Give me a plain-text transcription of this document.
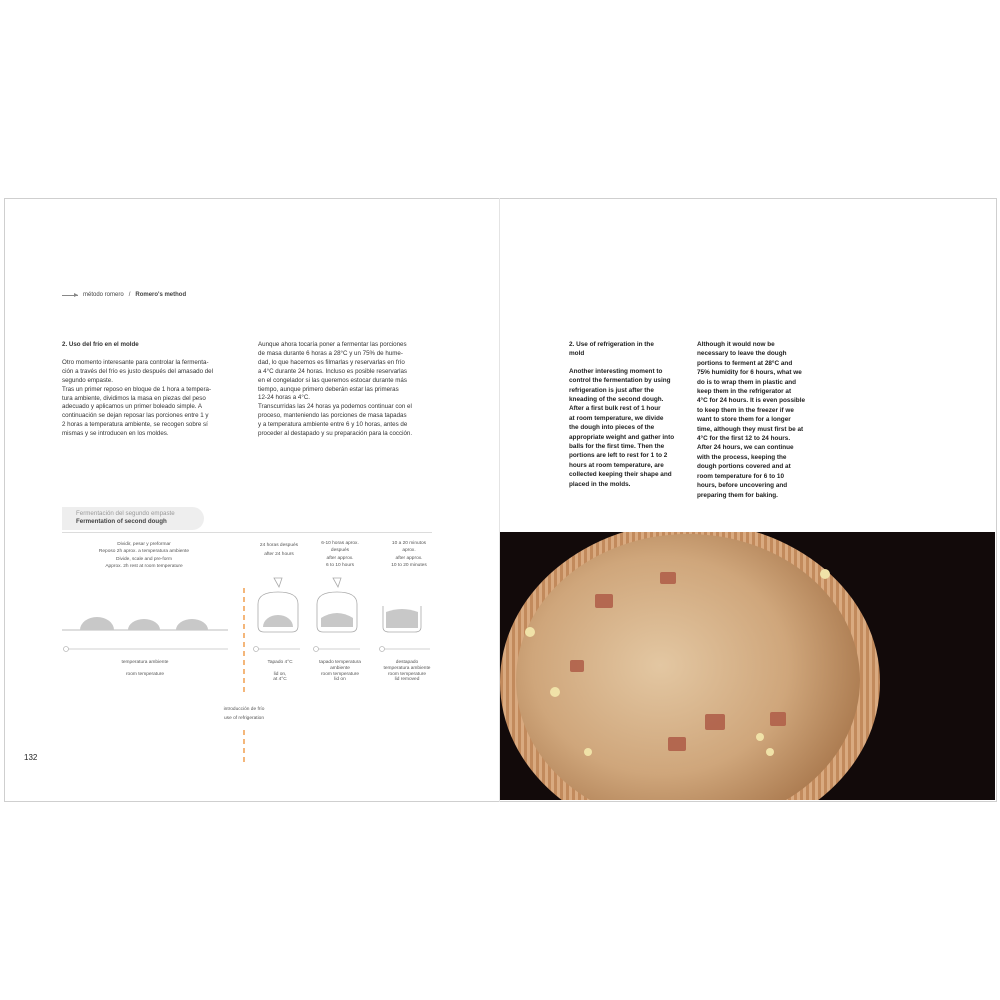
método romero / Romero's method
2. Uso del frío en el molde

Otro momento interesante para controlar la fermenta-
ción a través del frío es justo después del amasado del
segundo empaste.
Tras un primer reposo en bloque de 1 hora a tempera-
tura ambiente, dividimos la masa en piezas del peso
adecuado y aplicamos un primer boleado simple. A
continuación se dejan reposar las porciones entre 1 y
2 horas a temperatura ambiente, se recogen sobre sí
mismas y se introducen en los moldes.

Aunque ahora tocaría poner a fermentar las porciones
de masa durante 6 horas a 28°C y un 75% de hume-
dad, lo que hacemos es filmarlas y reservarlas en frío
a 4°C durante 24 horas. Incluso es posible reservarlas
en el congelador si las queremos estocar durante más
tiempo, aunque primero deberán estar las primeras
12-24 horas a 4°C.
Transcurridas las 24 horas ya podemos continuar con el
proceso, manteniendo las porciones de masa tapadas
y a temperatura ambiente entre 6 y 10 horas, antes de
proceder al destapado y su preparación para la cocción.

2. Use of refrigeration in the
mold

Another interesting moment to
control the fermentation by using
refrigeration is just after the
kneading of the second dough.
After a first bulk rest of 1 hour
at room temperature, we divide
the dough into pieces of the
appropriate weight and gather into
balls for the first time. Then the
portions are left to rest for 1 to 2
hours at room temperature, are
collected keeping their shape and
placed in the molds.

Although it would now be
necessary to leave the dough
portions to ferment at 28°C and
75% humidity for 6 hours, what we
do is to wrap them in plastic and
keep them in the refrigerator at
4°C for 24 hours. It is even possible
to keep them in the freezer if we
want to store them for a longer
time, although they must first be at
4°C for the first 12 to 24 hours.
After 24 hours, we can continue
with the process, keeping the
dough portions covered and at
room temperature for 6 to 10
hours, before uncovering and
preparing them for baking.

Fermentación del segundo empaste
Fermentation of second dough
Dividir, pesar y preformar
Reposo 2h aprox. a temperatura ambiente
Divide, scale and pre-form
Approx. 2h rest at room temperature
24 horas después
after 24 hours
6-10 horas aprox.
después
after approx.
6 to 10 hours
10 a 20 minutos
aprox.
after approx.
10 to 20 minutes
temperatura ambiente

room temperature
Tapado 4°C

lid on,
at 4°C
tapado temperatura
ambiente
room temperature
lid on
destapado
temperatura ambiente
room temperature
lid removed
introducción de frío
use of refrigeration
132
